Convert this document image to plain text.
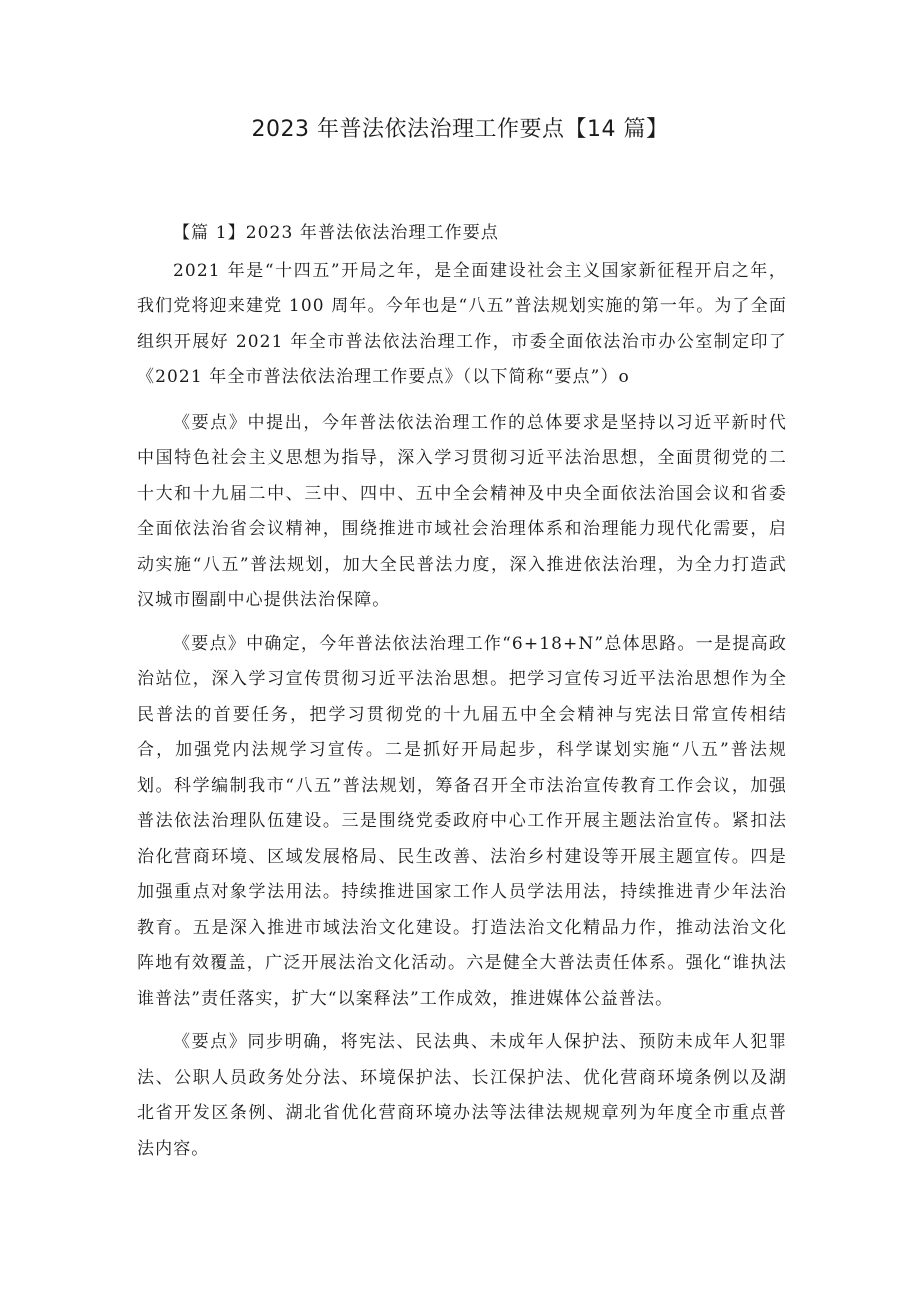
2023 年普法依法治理工作要点【14 篇】

【篇 1】2023 年普法依法治理工作要点

2021 年是“十四五”开局之年，是全面建设社会主义国家新征程开启之年，我们党将迎来建党 100 周年。今年也是“八五”普法规划实施的第一年。为了全面组织开展好 2021 年全市普法依法治理工作，市委全面依法治市办公室制定印了《2021 年全市普法依法治理工作要点》（以下简称“要点”）o

《要点》中提出，今年普法依法治理工作的总体要求是坚持以习近平新时代中国特色社会主义思想为指导，深入学习贯彻习近平法治思想，全面贯彻党的二十大和十九届二中、三中、四中、五中全会精神及中央全面依法治国会议和省委全面依法治省会议精神，围绕推进市域社会治理体系和治理能力现代化需要，启动实施“八五”普法规划，加大全民普法力度，深入推进依法治理，为全力打造武汉城市圈副中心提供法治保障。

《要点》中确定，今年普法依法治理工作“6+18+N”总体思路。一是提高政治站位，深入学习宣传贯彻习近平法治思想。把学习宣传习近平法治思想作为全民普法的首要任务，把学习贯彻党的十九届五中全会精神与宪法日常宣传相结合，加强党内法规学习宣传。二是抓好开局起步，科学谋划实施“八五”普法规划。科学编制我市“八五”普法规划，筹备召开全市法治宣传教育工作会议，加强普法依法治理队伍建设。三是围绕党委政府中心工作开展主题法治宣传。紧扣法治化营商环境、区域发展格局、民生改善、法治乡村建设等开展主题宣传。四是加强重点对象学法用法。持续推进国家工作人员学法用法，持续推进青少年法治教育。五是深入推进市域法治文化建设。打造法治文化精品力作，推动法治文化阵地有效覆盖，广泛开展法治文化活动。六是健全大普法责任体系。强化“谁执法谁普法”责任落实，扩大“以案释法”工作成效，推进媒体公益普法。

《要点》同步明确，将宪法、民法典、未成年人保护法、预防未成年人犯罪法、公职人员政务处分法、环境保护法、长江保护法、优化营商环境条例以及湖北省开发区条例、湖北省优化营商环境办法等法律法规规章列为年度全市重点普法内容。
